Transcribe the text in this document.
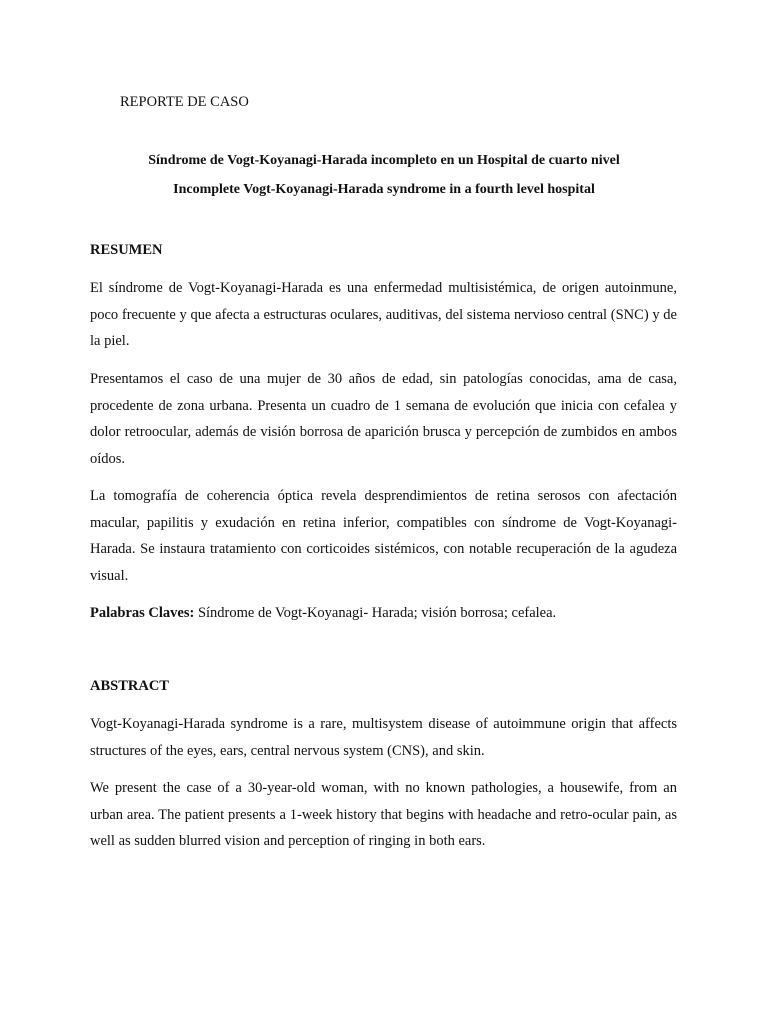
REPORTE DE CASO

Síndrome de Vogt-Koyanagi-Harada incompleto en un Hospital de cuarto nivel

Incomplete Vogt-Koyanagi-Harada syndrome in a fourth level hospital

RESUMEN

El síndrome de Vogt-Koyanagi-Harada es una enfermedad multisistémica, de origen autoinmune, poco frecuente y que afecta a estructuras oculares, auditivas, del sistema nervioso central (SNC) y de la piel.

Presentamos el caso de una mujer de 30 años de edad, sin patologías conocidas, ama de casa, procedente de zona urbana. Presenta un cuadro de 1 semana de evolución que inicia con cefalea y dolor retroocular, además de visión borrosa de aparición brusca y percepción de zumbidos en ambos oídos.

La tomografía de coherencia óptica revela desprendimientos de retina serosos con afectación macular, papilitis y exudación en retina inferior, compatibles con síndrome de Vogt-Koyanagi-Harada. Se instaura tratamiento con corticoides sistémicos, con notable recuperación de la agudeza visual.

Palabras Claves: Síndrome de Vogt-Koyanagi- Harada; visión borrosa; cefalea.

ABSTRACT

Vogt-Koyanagi-Harada syndrome is a rare, multisystem disease of autoimmune origin that affects structures of the eyes, ears, central nervous system (CNS), and skin.

We present the case of a 30-year-old woman, with no known pathologies, a housewife, from an urban area. The patient presents a 1-week history that begins with headache and retro-ocular pain, as well as sudden blurred vision and perception of ringing in both ears.
